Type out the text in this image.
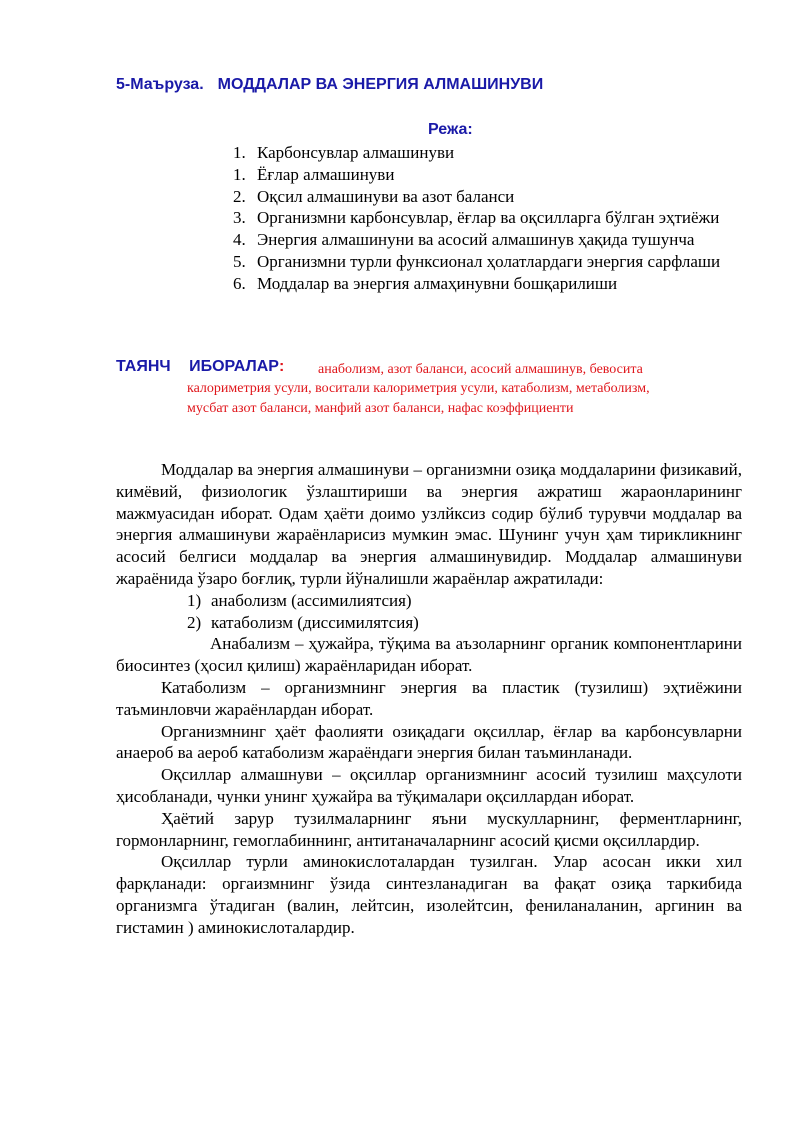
5-Маъруза. МОДДАЛАР ВА ЭНЕРГИЯ АЛМАШИНУВИ
Режа:
1. Карбонсувлар алмашинуви
1. Ёғлар алмашинуви
2. Оқсил алмашинуви ва азот баланси
3. Организмни карбонсувлар, ёғлар ва оқсилларга бўлган эҳтиёжи
4. Энергия алмашинуни ва асосий алмашинув ҳақида тушунча
5. Организмни турли функсионал ҳолатлардаги энергия сарфлаши
6. Моддалар ва энергия алмаҳинувни бошқарилиши
ТАЯНЧ ИБОРАЛАР:	анаболизм, азот баланси, асосий алмашинув, бевосита
калориметрия усули, воситали калориметрия усули, катаболизм, метаболизм,
мусбат азот баланси, манфий азот баланси, нафас коэффициенти

Моддалар ва энергия алмашинуви – организмни озиқа моддаларини физикавий, кимёвий, физиологик ўзлаштириши ва энергия ажратиш жараонларининг мажмуасидан иборат. Одам ҳаёти доимо узлйксиз содир бўлиб турувчи моддалар ва энергия алмашинуви жараёнларисиз мумкин эмас. Шунинг учун ҳам тирикликнинг асосий белгиси моддалар ва энергия алмашинувидир. Моддалар алмашинуви жараёнида ўзаро боғлиқ, турли йўналишли жараёнлар ажратилади:

1) анаболизм (ассимилиятсия)
2) катаболизм (диссимилятсия)

Анабализм – ҳужайра, тўқима ва аъзоларнинг органик компонентларини биосинтез (ҳосил қилиш) жараёнларидан иборат.

Катаболизм – организмнинг энергия ва пластик (тузилиш) эҳтиёжини таъминловчи жараёнлардан иборат.

Организмнинг ҳаёт фаолияти озиқадаги оқсиллар, ёғлар ва карбонсувларни анаероб ва аероб катаболизм жараёндаги энергия билан таъминланади.

Оқсиллар алмашнуви – оқсиллар организмнинг асосий тузилиш маҳсулоти ҳисобланади, чунки унинг ҳужайра ва тўқималари оқсиллардан иборат.

Ҳаётий зарур тузилмаларнинг яъни мускулларнинг, ферментларнинг, гормонларнинг, гемоглабиннинг, антитаначаларнинг асосий қисми оқсиллардир.

Оқсиллар турли аминокислоталардан тузилган. Улар асосан икки хил фарқланади: оргаизмнинг ўзида синтезланадиган ва фақат озиқа таркибида организмга ўтадиган (валин, лейтсин, изолейтсин, фениланаланин, аргинин ва гистамин ) аминокислоталардир.
